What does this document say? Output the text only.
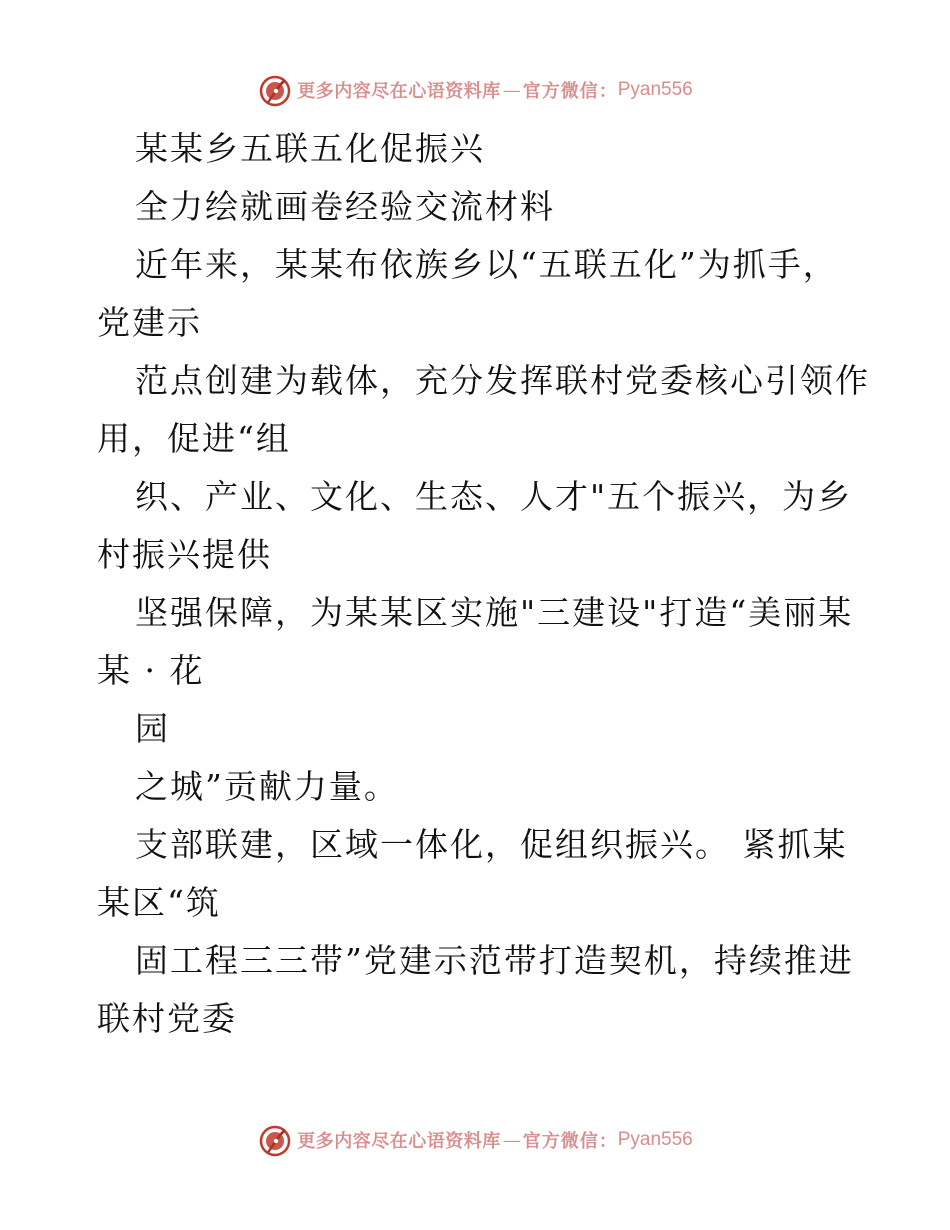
更多内容尽在心语资料库 — 官方微信： Pyan556
某某乡五联五化促振兴
全力绘就画卷经验交流材料
近年来，某某布依族乡以“五联五化”为抓手，
党建示
范点创建为载体，充分发挥联村党委核心引领作
用，促进“组
织、产业、文化、生态、人才"五个振兴，为乡
村振兴提供
坚强保障，为某某区实施"三建设"打造“美丽某
某 · 花
园
之城”贡献力量。
支部联建，区域一体化，促组织振兴。 紧抓某
某区“筑
固工程三三带”党建示范带打造契机，持续推进
联村党委
更多内容尽在心语资料库 — 官方微信： Pyan556
